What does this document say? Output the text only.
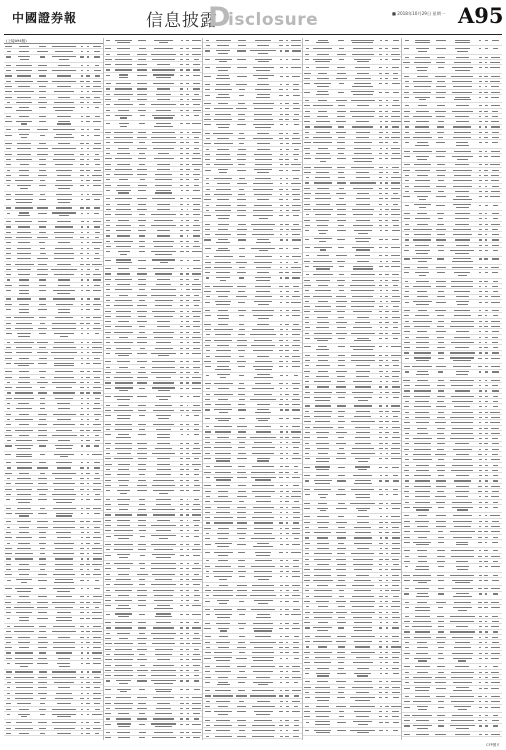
中國證券報	信息披露
D
isclosure	■ 2018年10月29日 星期一 A95
(上接A94版)
CFP图片
